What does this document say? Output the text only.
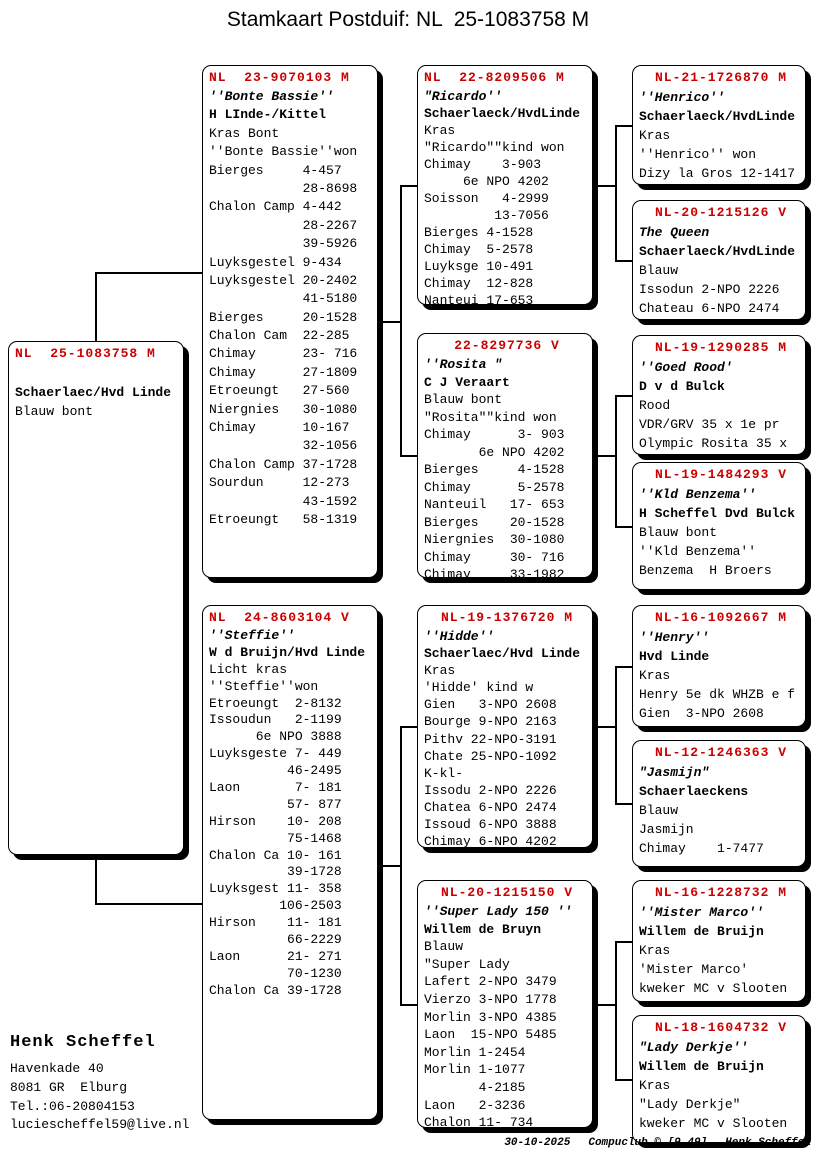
Stamkaart Postduif: NL  25-1083758 M
NL  25-1083758 M
Schaerlaec/Hvd Linde
Blauw bont
NL  23-9070103 M
''Bonte Bassie''
H LInde-/Kittel
Kras Bont
''Bonte Bassie''won
Bierges     4-457
28-8698
Chalon Camp 4-442
28-2267
39-5926
Luyksgestel 9-434
Luyksgestel 20-2402
41-5180
Bierges     20-1528
Chalon Cam  22-285
Chimay      23- 716
Chimay      27-1809
Etroeungt   27-560
Niergnies   30-1080
Chimay      10-167
32-1056
Chalon Camp 37-1728
Sourdun     12-273
43-1592
Etroeungt   58-1319
NL  24-8603104 V
''Steffie''
W d Bruijn/Hvd Linde
Licht kras
''Steffie''won
Etroeungt  2-8132
Issoudun   2-1199
6e NPO 3888
Luyksgeste 7- 449
46-2495
Laon       7- 181
57- 877
Hirson    10- 208
75-1468
Chalon Ca 10- 161
39-1728
Luyksgest 11- 358
106-2503
Hirson    11- 181
66-2229
Laon      21- 271
70-1230
Chalon Ca 39-1728
NL  22-8209506 M
"Ricardo''
Schaerlaeck/HvdLinde
Kras
"Ricardo""kind won
Chimay    3-903
6e NPO 4202
Soisson   4-2999
13-7056
Bierges 4-1528
Chimay  5-2578
Luyksge 10-491
Chimay  12-828
Nanteui 17-653
22-8297736 V
''Rosita "
C J Veraart
Blauw bont
"Rosita""kind won
Chimay      3- 903
6e NPO 4202
Bierges     4-1528
Chimay      5-2578
Nanteuil   17- 653
Bierges    20-1528
Niergnies  30-1080
Chimay     30- 716
Chimay     33-1982
NL-19-1376720 M
''Hidde''
Schaerlaec/Hvd Linde
Kras
'Hidde' kind w
Gien   3-NPO 2608
Bourge 9-NPO 2163
Pithv 22-NPO-3191
Chate 25-NPO-1092
K-kl-
Issodu 2-NPO 2226
Chatea 6-NPO 2474
Issoud 6-NPO 3888
Chimay 6-NPO 4202
NL-20-1215150 V
''Super Lady 150 ''
Willem de Bruyn
Blauw
"Super Lady
Lafert 2-NPO 3479
Vierzo 3-NPO 1778
Morlin 3-NPO 4385
Laon  15-NPO 5485
Morlin 1-2454
Morlin 1-1077
4-2185
Laon   2-3236
Chalon 11- 734
NL-21-1726870 M
''Henrico''
Schaerlaeck/HvdLinde
Kras
''Henrico'' won
Dizy la Gros 12-1417
NL-20-1215126 V
The Queen
Schaerlaeck/HvdLinde
Blauw
Issodun 2-NPO 2226
Chateau 6-NPO 2474
NL-19-1290285 M
''Goed Rood'
D v d Bulck
Rood
VDR/GRV 35 x 1e pr
Olympic Rosita 35 x
NL-19-1484293 V
''Kld Benzema''
H Scheffel Dvd Bulck
Blauw bont
''Kld Benzema''
Benzema  H Broers
NL-16-1092667 M
''Henry''
Hvd Linde
Kras
Henry 5e dk WHZB e f
Gien  3-NPO 2608
NL-12-1246363 V
"Jasmijn"
Schaerlaeckens
Blauw
Jasmijn
Chimay    1-7477
NL-16-1228732 M
''Mister Marco''
Willem de Bruijn
Kras
'Mister Marco'
kweker MC v Slooten
NL-18-1604732 V
"Lady Derkje''
Willem de Bruijn
Kras
"Lady Derkje"
kweker MC v Slooten
Henk Scheffel
Havenkade 40
8081 GR  Elburg
Tel.:06-20804153
luciescheffel59@live.nl
30-10-2025 Compuclub © [9.49] Henk Scheffel
